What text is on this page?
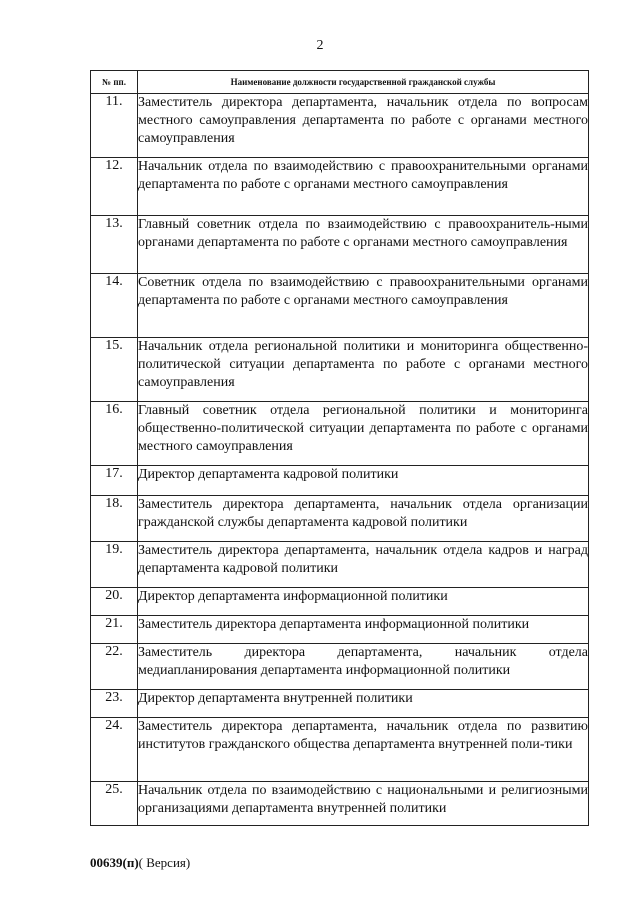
2
№ пп.	Наименование должности государственной гражданской службы
11.	Заместитель директора департамента, начальник отдела по вопросам местного самоуправления департамента по работе с органами местного самоуправления
12.	Начальник отдела по взаимодействию с правоохранительными органами департамента по работе с органами местного самоуправления
13.	Главный советник отдела по взаимодействию с правоохранитель-ными органами департамента по работе с органами местного самоуправления
14.	Советник отдела по взаимодействию с правоохранительными органами департамента по работе с органами местного самоуправления
15.	Начальник отдела региональной политики и мониторинга общественно-политической ситуации департамента по работе с органами местного самоуправления
16.	Главный советник отдела региональной политики и мониторинга общественно-политической ситуации департамента по работе с органами местного самоуправления
17.	Директор департамента кадровой политики
18.	Заместитель директора департамента, начальник отдела организации гражданской службы департамента кадровой политики
19.	Заместитель директора департамента, начальник отдела кадров и наград департамента кадровой политики
20.	Директор департамента информационной политики
21.	Заместитель директора департамента информационной политики
22.	Заместитель директора департамента, начальник отдела медиапланирования департамента информационной политики
23.	Директор департамента внутренней политики
24.	Заместитель директора департамента, начальник отдела по развитию институтов гражданского общества департамента внутренней поли-тики
25.	Начальник отдела по взаимодействию с национальными и религиозными организациями департамента внутренней политики
00639(п)( Версия)
